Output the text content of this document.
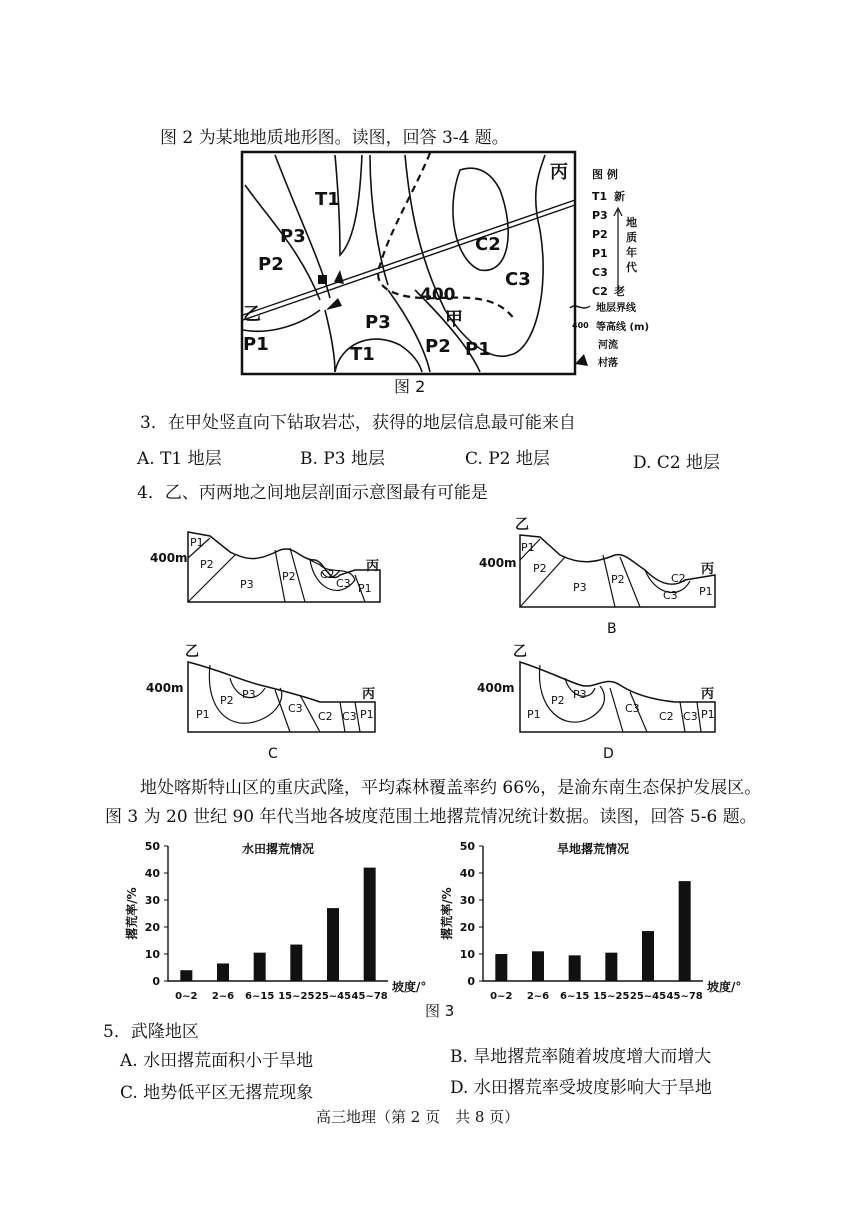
图 2 为某地地质地形图。读图，回答 3-4 题。
T1
P3
P2
乙
P1
C2
C3
丙
400
甲
P3
T1	P2 P1
图 例
T1
P3
P2
P1
C3
C2
新
老
地
质
年
代
地层界线
400 等高线 (m)
河流
村落
图 2
3．在甲处竖直向下钻取岩芯，获得的地层信息最可能来自
A. T1 地层	B. P3 地层	C. P2 地层	D. C2 地层
4．乙、丙两地之间地层剖面示意图最有可能是
400m
丙
P1
P2
P3
P2 C2
C3 P1
乙
400m	丙
P1
P2
P3
P2	C2
C3 P1
B
乙
400m	丙
P1
P2 P3
C3
C2 C3 P1
C
乙
400m	丙
P1
P2 P3
C3
C2 C3 P1
D
地处喀斯特山区的重庆武隆，平均森林覆盖率约 66%，是渝东南生态保护发展区。
图 3 为 20 世纪 90 年代当地各坡度范围土地撂荒情况统计数据。读图，回答 5-6 题。
0
10
20
30
40
50	水田撂荒情况
撂荒率/%
0~2 2~6 6~15 15~25 25~45 45~78
坡度/°	0
10
20
30
40
50	旱地撂荒情况
撂荒率/%
0~2 2~6 6~15 15~25 25~45 45~78
坡度/°
图 3
5．武隆地区
A. 水田撂荒面积小于旱地	B. 旱地撂荒率随着坡度增大而增大
C. 地势低平区无撂荒现象	D. 水田撂荒率受坡度影响大于旱地
高三地理（第 2 页　共 8 页）
